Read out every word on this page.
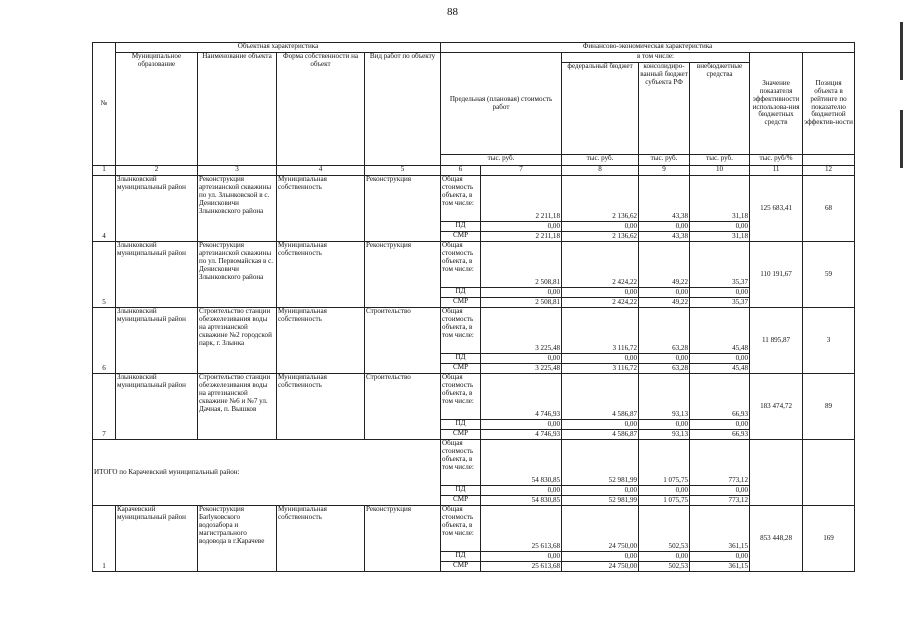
88
№	Объектная характеристика				Финансово-экономическая характеристика						
	Муниципальное образование	Наименование объекта	Форма собственности на объект	Вид работ по объекту	Предельная (плановая) стоимость работ		в том числе:			Значение показателя эффективности использова-ния бюджетных средств	Позиция объекта в рейтинге по показателю бюджетной эффектив-ности
							федеральный бюджет	консолидиро-ванный бюджет субъекта РФ	внебюджетные средства		
					тыс. руб.		тыс. руб.	тыс. руб.	тыс. руб.	тыс. руб/%	
1	2	3	4	5	6	7	8	9	10	11	12
4	Злынковский муниципальный район	Реконструкция артезианской скважины по ул. Злынковской в с. Денисковичи Злынковского района	Муниципальная собственность	Реконструкция	Общая стоимость объекта, в том числе:	2 211,18	2 136,62	43,38	31,18	125 683,41	68
					ПД	0,00	0,00	0,00	0,00		
					СМР	2 211,18	2 136,62	43,38	31,18		
5	Злынковский муниципальный район	Реконструкция артезианской скважины по ул. Первомайская в с. Денисковичи Злынковского района	Муниципальная собственность	Реконструкция	Общая стоимость объекта, в том числе:	2 508,81	2 424,22	49,22	35,37	110 191,67	59
					ПД	0,00	0,00	0,00	0,00		
					СМР	2 508,81	2 424,22	49,22	35,37		
6	Злынковский муниципальный район	Строительство станции обезжелезивания воды на артезианской скважине №2 городской парк, г. Злынка	Муниципальная собственность	Строительство	Общая стоимость объекта, в том числе:	3 225,48	3 116,72	63,28	45,48	11 895,87	3
					ПД	0,00	0,00	0,00	0,00		
					СМР	3 225,48	3 116,72	63,28	45,48		
7	Злынковский муниципальный район	Строительство станции обезжелезивания воды на артезианской скважине №6 и №7 ул. Дачная, п. Вышков	Муниципальная собственность	Строительство	Общая стоимость объекта, в том числе:	4 746,93	4 586,87	93,13	66,93	183 474,72	89
					ПД	0,00	0,00	0,00	0,00		
					СМР	4 746,93	4 586,87	93,13	66,93		
ИТОГО по Карачевский муниципальный район:					Общая стоимость объекта, в том числе:	54 830,85	52 981,99	1 075,75	773,12		
					ПД	0,00	0,00	0,00	0,00		
					СМР	54 830,85	52 981,99	1 075,75	773,12		
1	Карачевский муниципальный район	Реконструкция Бarlyковского водозабора и магистрального водовода в г.Карачеве	Муниципальная собственность	Реконструкция	Общая стоимость объекта, в том числе:	25 613,68	24 750,00	502,53	361,15	853 448,28	169
					ПД	0,00	0,00	0,00	0,00		
					СМР	25 613,68	24 750,00	502,53	361,15		
